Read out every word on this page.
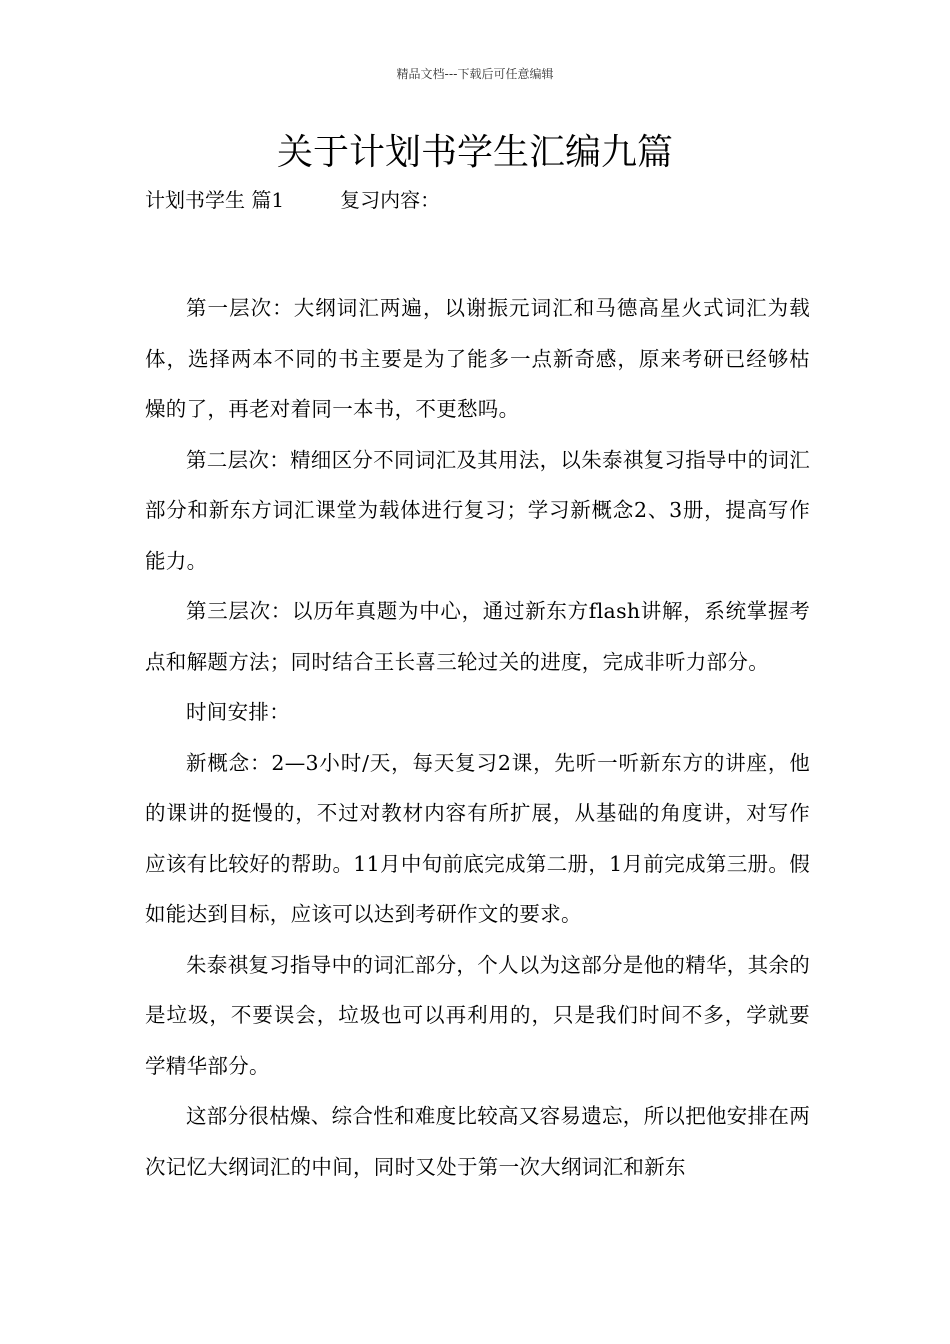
精品文档---下载后可任意编辑
关于计划书学生汇编九篇
计划书学生 篇1	复习内容：

第一层次：大纲词汇两遍，以谢振元词汇和马德高星火式词汇为载体，选择两本不同的书主要是为了能多一点新奇感，原来考研已经够枯燥的了，再老对着同一本书，不更愁吗。

第二层次：精细区分不同词汇及其用法，以朱泰祺复习指导中的词汇部分和新东方词汇课堂为载体进行复习；学习新概念2、3册，提高写作能力。

第三层次：以历年真题为中心，通过新东方flash讲解，系统掌握考点和解题方法；同时结合王长喜三轮过关的进度，完成非听力部分。

时间安排：

新概念：2—3小时/天，每天复习2课，先听一听新东方的讲座，他的课讲的挺慢的，不过对教材内容有所扩展，从基础的角度讲，对写作应该有比较好的帮助。11月中旬前底完成第二册，1月前完成第三册。假如能达到目标，应该可以达到考研作文的要求。

朱泰祺复习指导中的词汇部分，个人以为这部分是他的精华，其余的是垃圾，不要误会，垃圾也可以再利用的，只是我们时间不多，学就要学精华部分。

这部分很枯燥、综合性和难度比较高又容易遗忘，所以把他安排在两次记忆大纲词汇的中间，同时又处于第一次大纲词汇和新东
